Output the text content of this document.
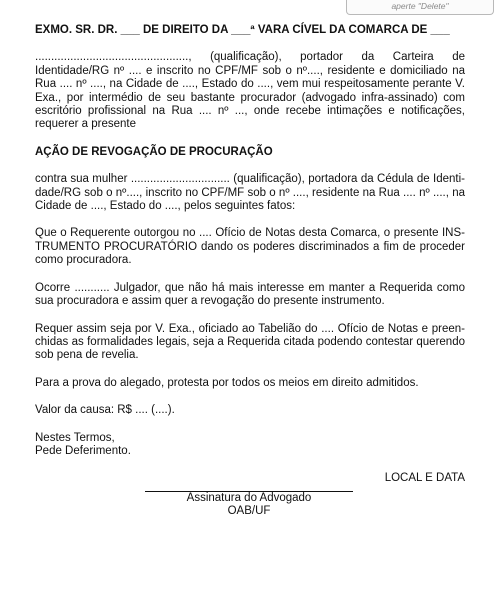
aperte "Delete"
EXMO. SR. DR. ___ DE DIREITO DA ___ª VARA CÍVEL DA COMARCA DE ___
................................................, (qualificação), portador da Carteira de Identidade/RG nº .... e inscrito no CPF/MF sob o nº...., residente e domiciliado na Rua .... nº ...., na Cidade de ...., Estado do ...., vem mui respeitosamente perante V. Exa., por intermédio de seu bastante procurador (advogado infra-assinado) com escritório profissional na Rua .... nº ..., onde recebe intimações e notificações, requerer a presente
AÇÃO DE REVOGAÇÃO DE PROCURAÇÃO
contra sua mulher ............................... (qualificação), portadora da Cédula de Identidade/RG sob o nº...., inscrito no CPF/MF sob o nº ...., residente na Rua .... nº ...., na Cidade de ...., Estado do ...., pelos seguintes fatos:
Que o Requerente outorgou no .... Ofício de Notas desta Comarca, o presente INSTRUMENTO PROCURATÓRIO dando os poderes discriminados a fim de proceder como procuradora.
Ocorre ........... Julgador, que não há mais interesse em manter a Requerida como sua procuradora e assim quer a revogação do presente instrumento.
Requer assim seja por V. Exa., oficiado ao Tabelião do .... Ofício de Notas e preenchidas as formalidades legais, seja a Requerida citada podendo contestar querendo sob pena de revelia.
Para a prova do alegado, protesta por todos os meios em direito admitidos.
Valor da causa: R$ .... (....).
Nestes Termos,
Pede Deferimento.
LOCAL E DATA
Assinatura do Advogado
OAB/UF
